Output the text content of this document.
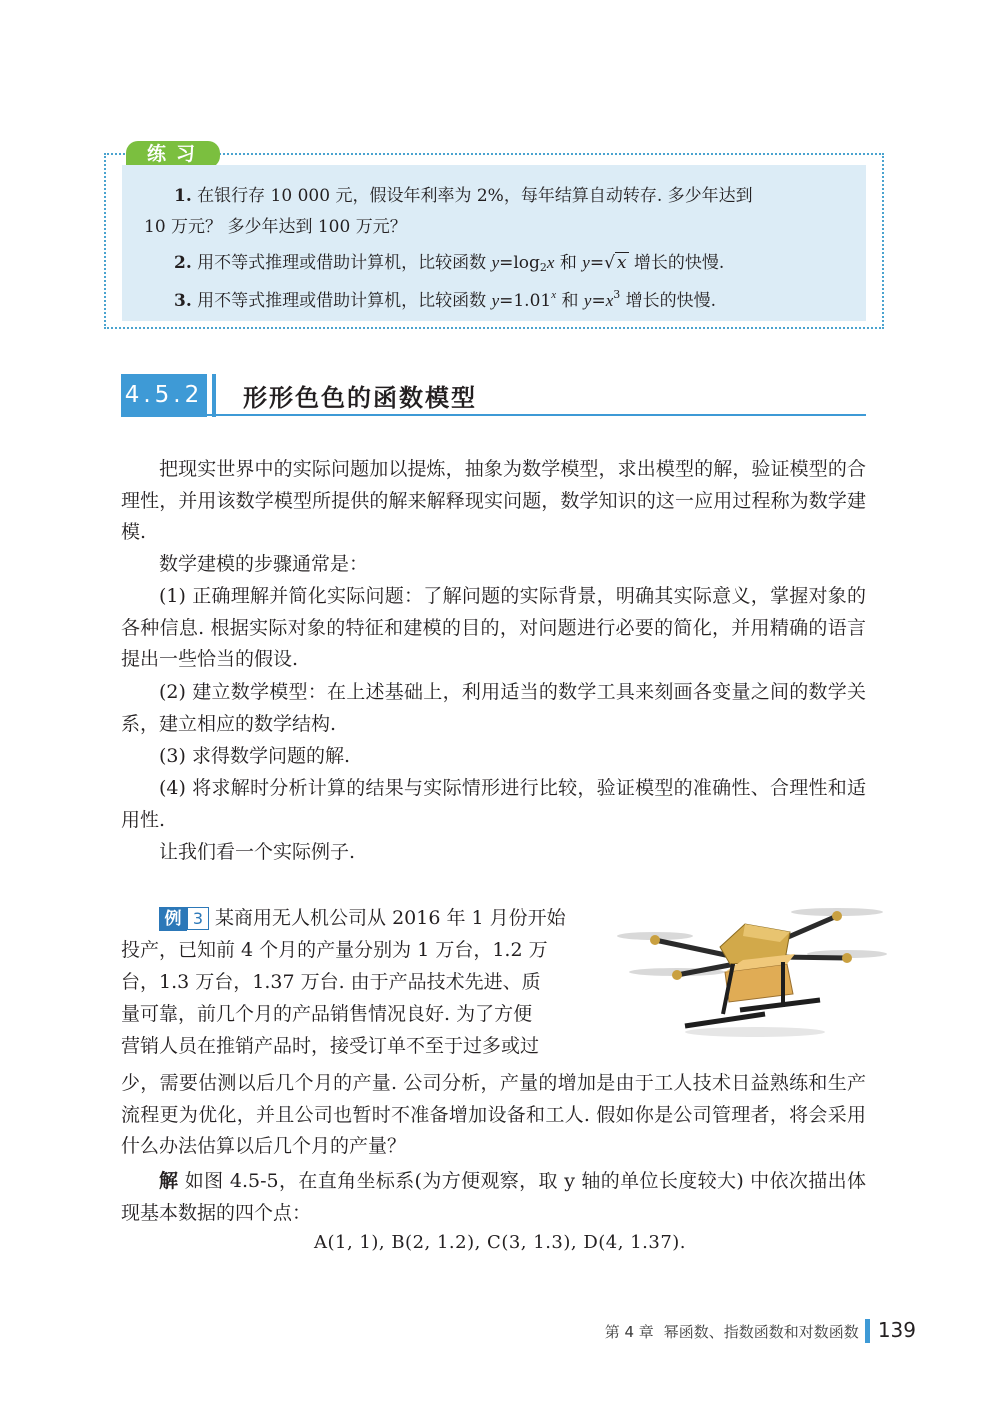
练习
1. 在银行存 10 000 元，假设年利率为 2%，每年结算自动转存. 多少年达到
10 万元？ 多少年达到 100 万元？
2. 用不等式推理或借助计算机，比较函数 $y=\log_2x$ 和 y=√ x 增长的快慢.
3. 用不等式推理或借助计算机，比较函数 $y=1.01^x$ 和 $y=x^3$ 增长的快慢.
4.5.2 形形色色的函数模型

把现实世界中的实际问题加以提炼，抽象为数学模型，求出模型的解，验证模型的合理性，并用该数学模型所提供的解来解释现实问题，数学知识的这一应用过程称为数学建模.

数学建模的步骤通常是：

(1) 正确理解并简化实际问题：了解问题的实际背景，明确其实际意义，掌握对象的各种信息. 根据实际对象的特征和建模的目的，对问题进行必要的简化，并用精确的语言提出一些恰当的假设.

(2) 建立数学模型：在上述基础上，利用适当的数学工具来刻画各变量之间的数学关系，建立相应的数学结构.

(3) 求得数学问题的解.

(4) 将求解时分析计算的结果与实际情形进行比较，验证模型的准确性、合理性和适用性.

让我们看一个实际例子.

例 3 某商用无人机公司从 2016 年 1 月份开始
投产，已知前 4 个月的产量分别为 1 万台，1.2 万
台，1.3 万台，1.37 万台. 由于产品技术先进、质
量可靠，前几个月的产品销售情况良好. 为了方便
营销人员在推销产品时，接受订单不至于过多或过

少，需要估测以后几个月的产量. 公司分析，产量的增加是由于工人技术日益熟练和生产流程更为优化，并且公司也暂时不准备增加设备和工人. 假如你是公司管理者，将会采用什么办法估算以后几个月的产量？

解 如图 4.5-5，在直角坐标系(为方便观察，取 y 轴的单位长度较大) 中依次描出体现基本数据的四个点：

A(1, 1), B(2, 1.2), C(3, 1.3), D(4, 1.37).
第 4 章 幂函数、指数函数和对数函数 139
